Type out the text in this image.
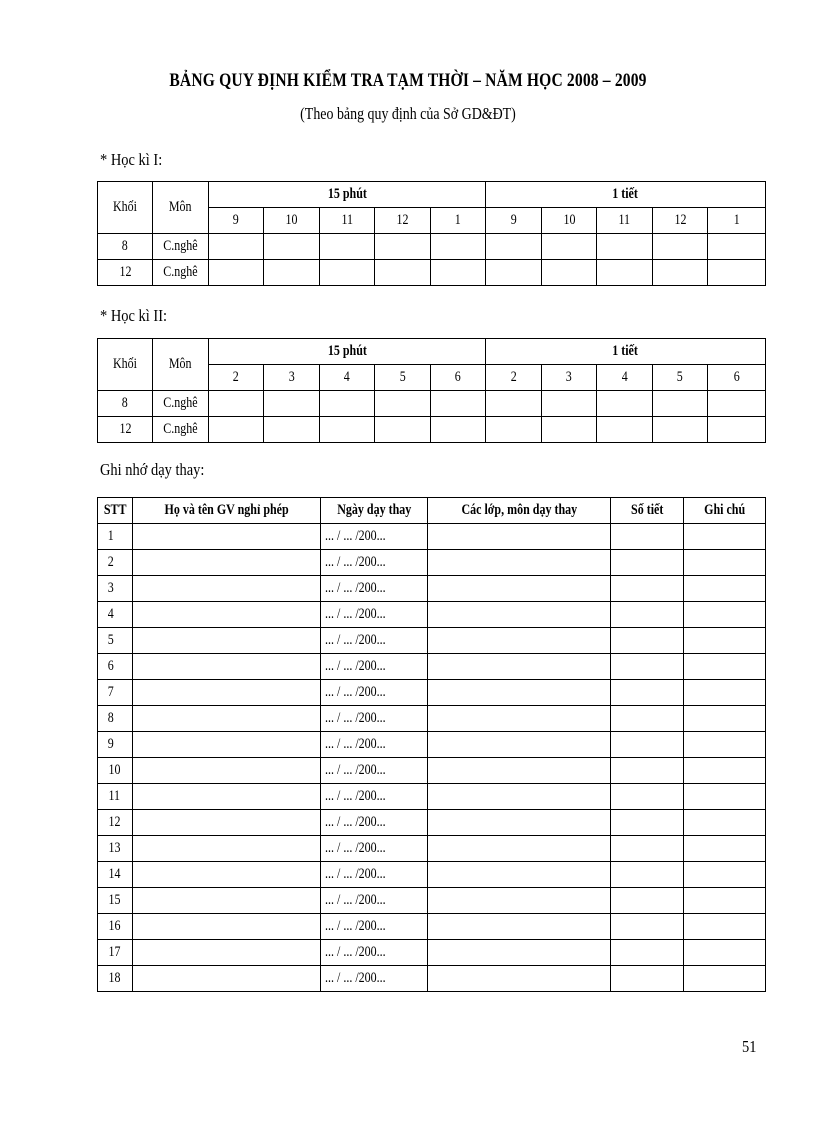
BẢNG QUY ĐỊNH KIỂM TRA TẠM THỜI – NĂM HỌC 2008 – 2009
(Theo bảng quy định của Sở GD&ĐT)
* Học kì I:
Khối	Môn	15 phút					1 tiết				
		9	10	11	12	1	9	10	11	12	1
8	C.nghê										
12	C.nghê										
* Học kì II:
Khối	Môn	15 phút					1 tiết				
		2	3	4	5	6	2	3	4	5	6
8	C.nghê										
12	C.nghê										
Ghi nhớ dạy thay:
STT	Họ và tên GV nghỉ phép	Ngày dạy thay	Các lớp, môn dạy thay	Số tiết	Ghi chú
1		... / ... /200...			
2		... / ... /200...			
3		... / ... /200...			
4		... / ... /200...			
5		... / ... /200...			
6		... / ... /200...			
7		... / ... /200...			
8		... / ... /200...			
9		... / ... /200...			
10		... / ... /200...			
11		... / ... /200...			
12		... / ... /200...			
13		... / ... /200...			
14		... / ... /200...			
15		... / ... /200...			
16		... / ... /200...			
17		... / ... /200...			
18		... / ... /200...			
51
